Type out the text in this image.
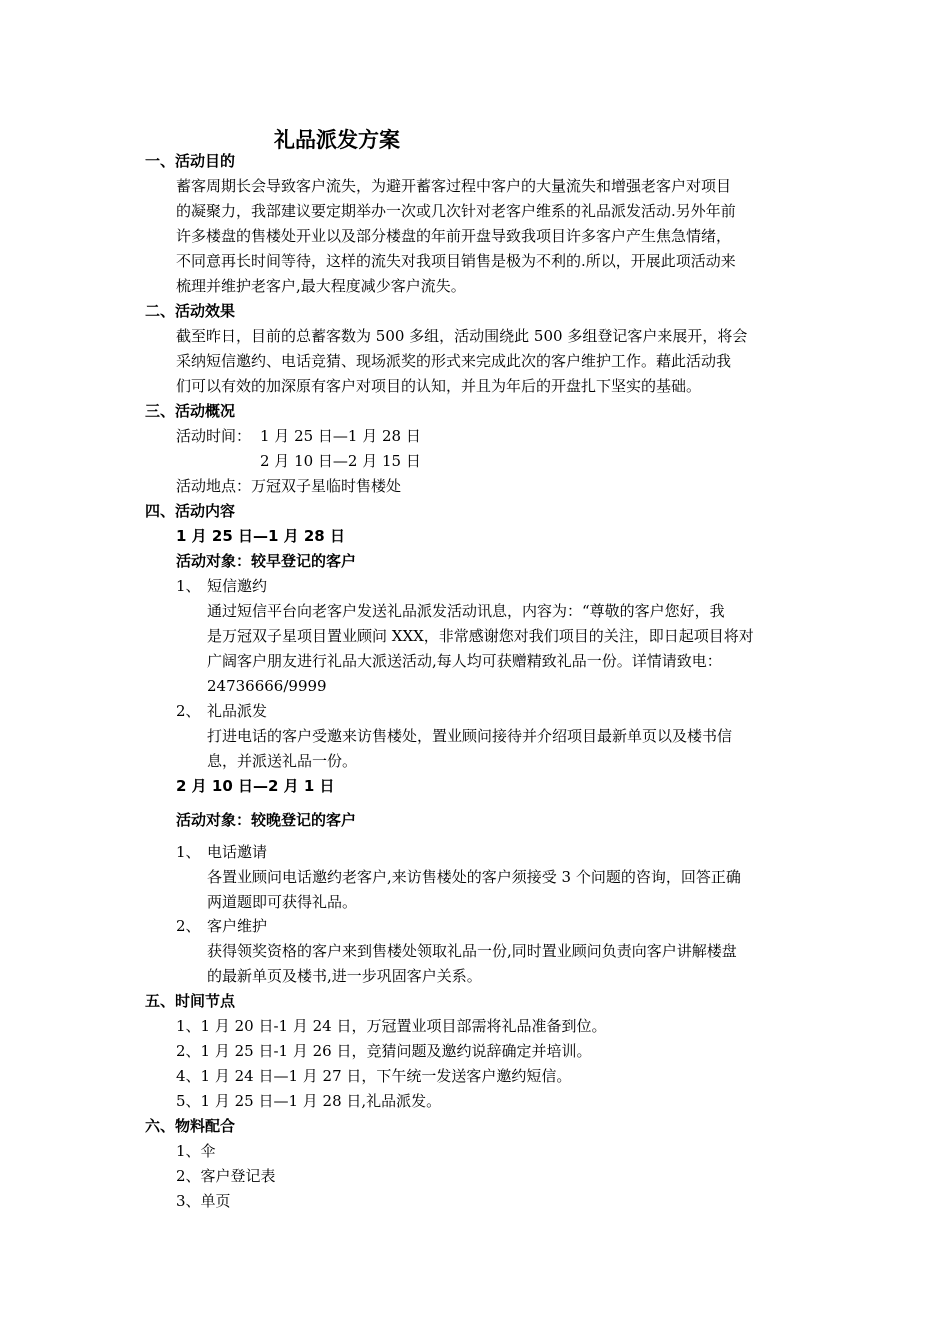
礼品派发方案
一、活动目的
蓄客周期长会导致客户流失，为避开蓄客过程中客户的大量流失和增强老客户对项目
的凝聚力，我部建议要定期举办一次或几次针对老客户维系的礼品派发活动.另外年前
许多楼盘的售楼处开业以及部分楼盘的年前开盘导致我项目许多客户产生焦急情绪，
不同意再长时间等待，这样的流失对我项目销售是极为不利的.所以，开展此项活动来
梳理并维护老客户,最大程度减少客户流失。
二、活动效果
截至昨日，目前的总蓄客数为 500 多组，活动围绕此 500 多组登记客户来展开，将会
采纳短信邀约、电话竞猜、现场派奖的形式来完成此次的客户维护工作。藉此活动我
们可以有效的加深原有客户对项目的认知，并且为年后的开盘扎下坚实的基础。
三、活动概况
活动时间： 1 月 25 日—1 月 28 日
2 月 10 日—2 月 15 日
活动地点：万冠双子星临时售楼处
四、活动内容
1 月 25 日—1 月 28 日
活动对象：较早登记的客户
1、 短信邀约
通过短信平台向老客户发送礼品派发活动讯息，内容为：“尊敬的客户您好，我
是万冠双子星项目置业顾问 XXX，非常感谢您对我们项目的关注，即日起项目将对
广阔客户朋友进行礼品大派送活动,每人均可获赠精致礼品一份。详情请致电：
24736666/9999
2、 礼品派发
打进电话的客户受邀来访售楼处，置业顾问接待并介绍项目最新单页以及楼书信
息，并派送礼品一份。
2 月 10 日—2 月 1 日
活动对象：较晚登记的客户
1、 电话邀请
各置业顾问电话邀约老客户,来访售楼处的客户须接受 3 个问题的咨询，回答正确
两道题即可获得礼品。
2、 客户维护
获得领奖资格的客户来到售楼处领取礼品一份,同时置业顾问负责向客户讲解楼盘
的最新单页及楼书,进一步巩固客户关系。
五、时间节点
1、1 月 20 日-1 月 24 日，万冠置业项目部需将礼品准备到位。
2、1 月 25 日-1 月 26 日，竞猜问题及邀约说辞确定并培训。
4、1 月 24 日—1 月 27 日，下午统一发送客户邀约短信。
5、1 月 25 日—1 月 28 日,礼品派发。
六、物料配合
1、伞
2、客户登记表
3、单页
